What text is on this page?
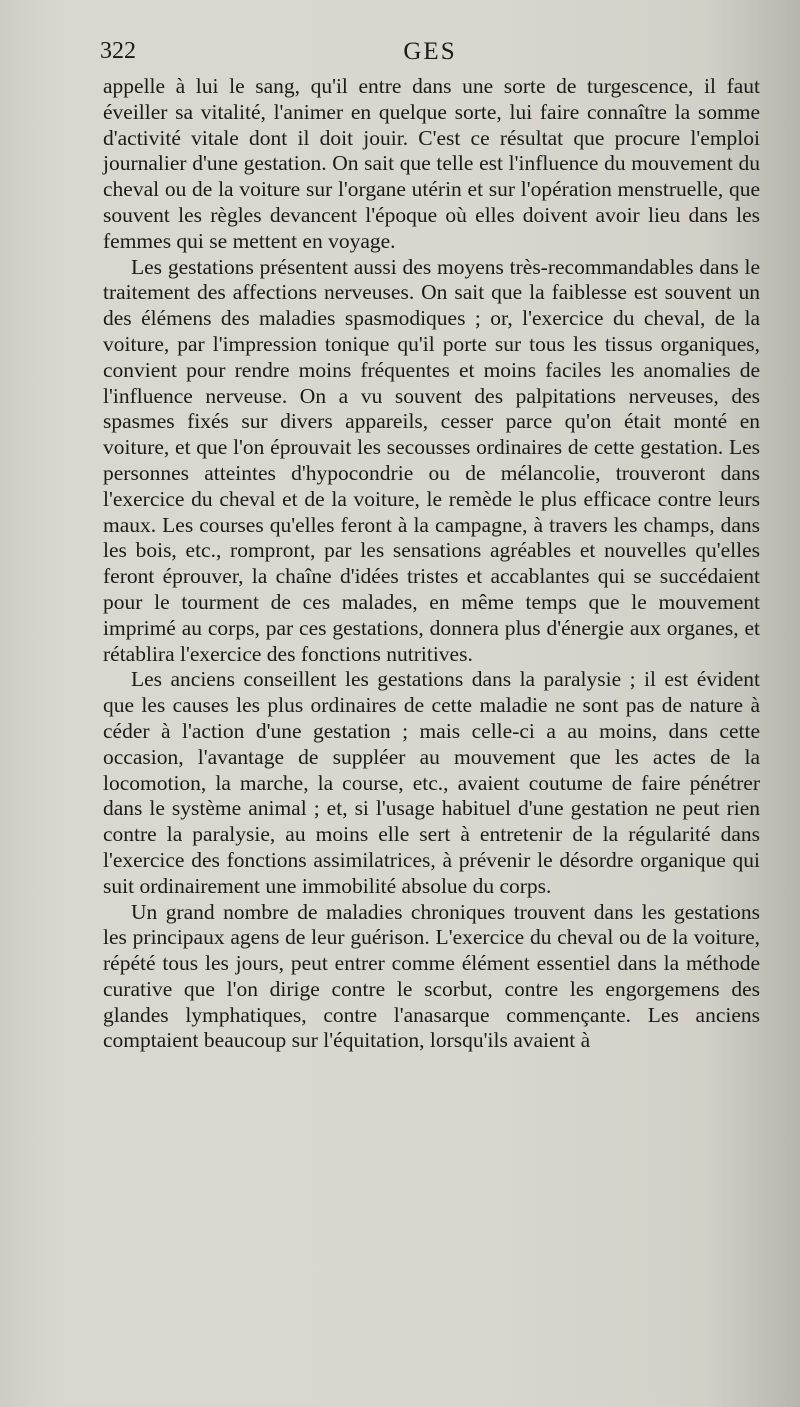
322	GES

appelle à lui le sang, qu'il entre dans une sorte de turgescence, il faut éveiller sa vitalité, l'animer en quelque sorte, lui faire connaître la somme d'activité vitale dont il doit jouir. C'est ce résultat que procure l'emploi journalier d'une gestation. On sait que telle est l'influence du mouvement du cheval ou de la voiture sur l'organe utérin et sur l'opération menstruelle, que souvent les règles devancent l'époque où elles doivent avoir lieu dans les femmes qui se mettent en voyage.

Les gestations présentent aussi des moyens très-recommandables dans le traitement des affections nerveuses. On sait que la faiblesse est souvent un des élémens des maladies spasmodiques ; or, l'exercice du cheval, de la voiture, par l'impression tonique qu'il porte sur tous les tissus organiques, convient pour rendre moins fréquentes et moins faciles les anomalies de l'influence nerveuse. On a vu souvent des palpitations nerveuses, des spasmes fixés sur divers appareils, cesser parce qu'on était monté en voiture, et que l'on éprouvait les secousses ordinaires de cette gestation. Les personnes atteintes d'hypocondrie ou de mélancolie, trouveront dans l'exercice du cheval et de la voiture, le remède le plus efficace contre leurs maux. Les courses qu'elles feront à la campagne, à travers les champs, dans les bois, etc., rompront, par les sensations agréables et nouvelles qu'elles feront éprouver, la chaîne d'idées tristes et accablantes qui se succédaient pour le tourment de ces malades, en même temps que le mouvement imprimé au corps, par ces gestations, donnera plus d'énergie aux organes, et rétablira l'exercice des fonctions nutritives.

Les anciens conseillent les gestations dans la paralysie ; il est évident que les causes les plus ordinaires de cette maladie ne sont pas de nature à céder à l'action d'une gestation ; mais celle-ci a au moins, dans cette occasion, l'avantage de suppléer au mouvement que les actes de la locomotion, la marche, la course, etc., avaient coutume de faire pénétrer dans le système animal ; et, si l'usage habituel d'une gestation ne peut rien contre la paralysie, au moins elle sert à entretenir de la régularité dans l'exercice des fonctions assimilatrices, à prévenir le désordre organique qui suit ordinairement une immobilité absolue du corps.

Un grand nombre de maladies chroniques trouvent dans les gestations les principaux agens de leur guérison. L'exercice du cheval ou de la voiture, répété tous les jours, peut entrer comme élément essentiel dans la méthode curative que l'on dirige contre le scorbut, contre les engorgemens des glandes lymphatiques, contre l'anasarque commençante. Les anciens comptaient beaucoup sur l'équitation, lorsqu'ils avaient à
